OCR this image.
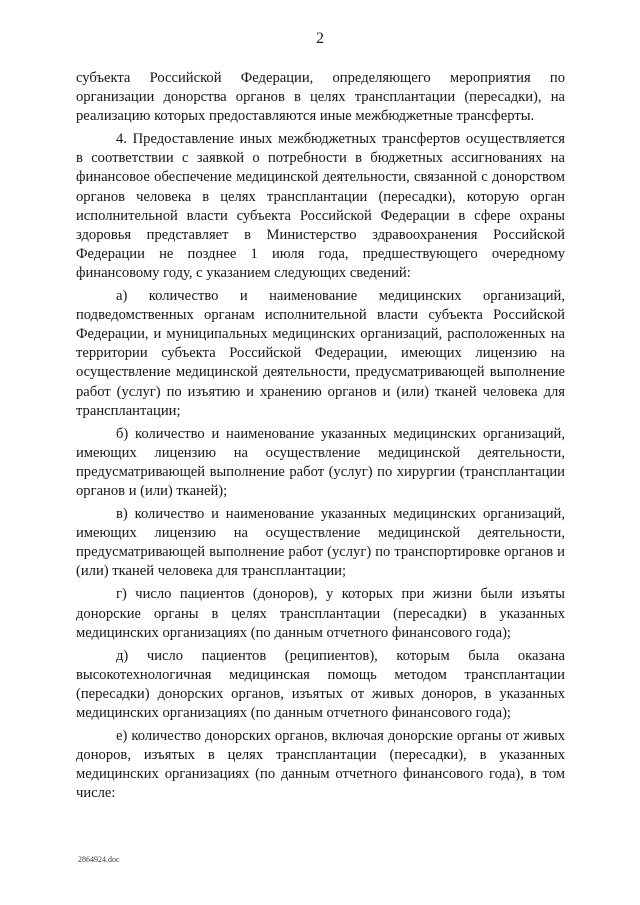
2

субъекта Российской Федерации, определяющего мероприятия по организации донорства органов в целях трансплантации (пересадки), на реализацию которых предоставляются иные межбюджетные трансферты.

4. Предоставление иных межбюджетных трансфертов осуществляется в соответствии с заявкой о потребности в бюджетных ассигнованиях на финансовое обеспечение медицинской деятельности, связанной с донорством органов человека в целях трансплантации (пересадки), которую орган исполнительной власти субъекта Российской Федерации в сфере охраны здоровья представляет в Министерство здравоохранения Российской Федерации не позднее 1 июля года, предшествующего очередному финансовому году, с указанием следующих сведений:

а) количество и наименование медицинских организаций, подведомственных органам исполнительной власти субъекта Российской Федерации, и муниципальных медицинских организаций, расположенных на территории субъекта Российской Федерации, имеющих лицензию на осуществление медицинской деятельности, предусматривающей выполнение работ (услуг) по изъятию и хранению органов и (или) тканей человека для трансплантации;

б) количество и наименование указанных медицинских организаций, имеющих лицензию на осуществление медицинской деятельности, предусматривающей выполнение работ (услуг) по хирургии (трансплантации органов и (или) тканей);

в) количество и наименование указанных медицинских организаций, имеющих лицензию на осуществление медицинской деятельности, предусматривающей выполнение работ (услуг) по транспортировке органов и (или) тканей человека для трансплантации;

г) число пациентов (доноров), у которых при жизни были изъяты донорские органы в целях трансплантации (пересадки) в указанных медицинских организациях (по данным отчетного финансового года);

д) число пациентов (реципиентов), которым была оказана высокотехнологичная медицинская помощь методом трансплантации (пересадки) донорских органов, изъятых от живых доноров, в указанных медицинских организациях (по данным отчетного финансового года);

е) количество донорских органов, включая донорские органы от живых доноров, изъятых в целях трансплантации (пересадки), в указанных медицинских организациях (по данным отчетного финансового года), в том числе:

2864924.doc
